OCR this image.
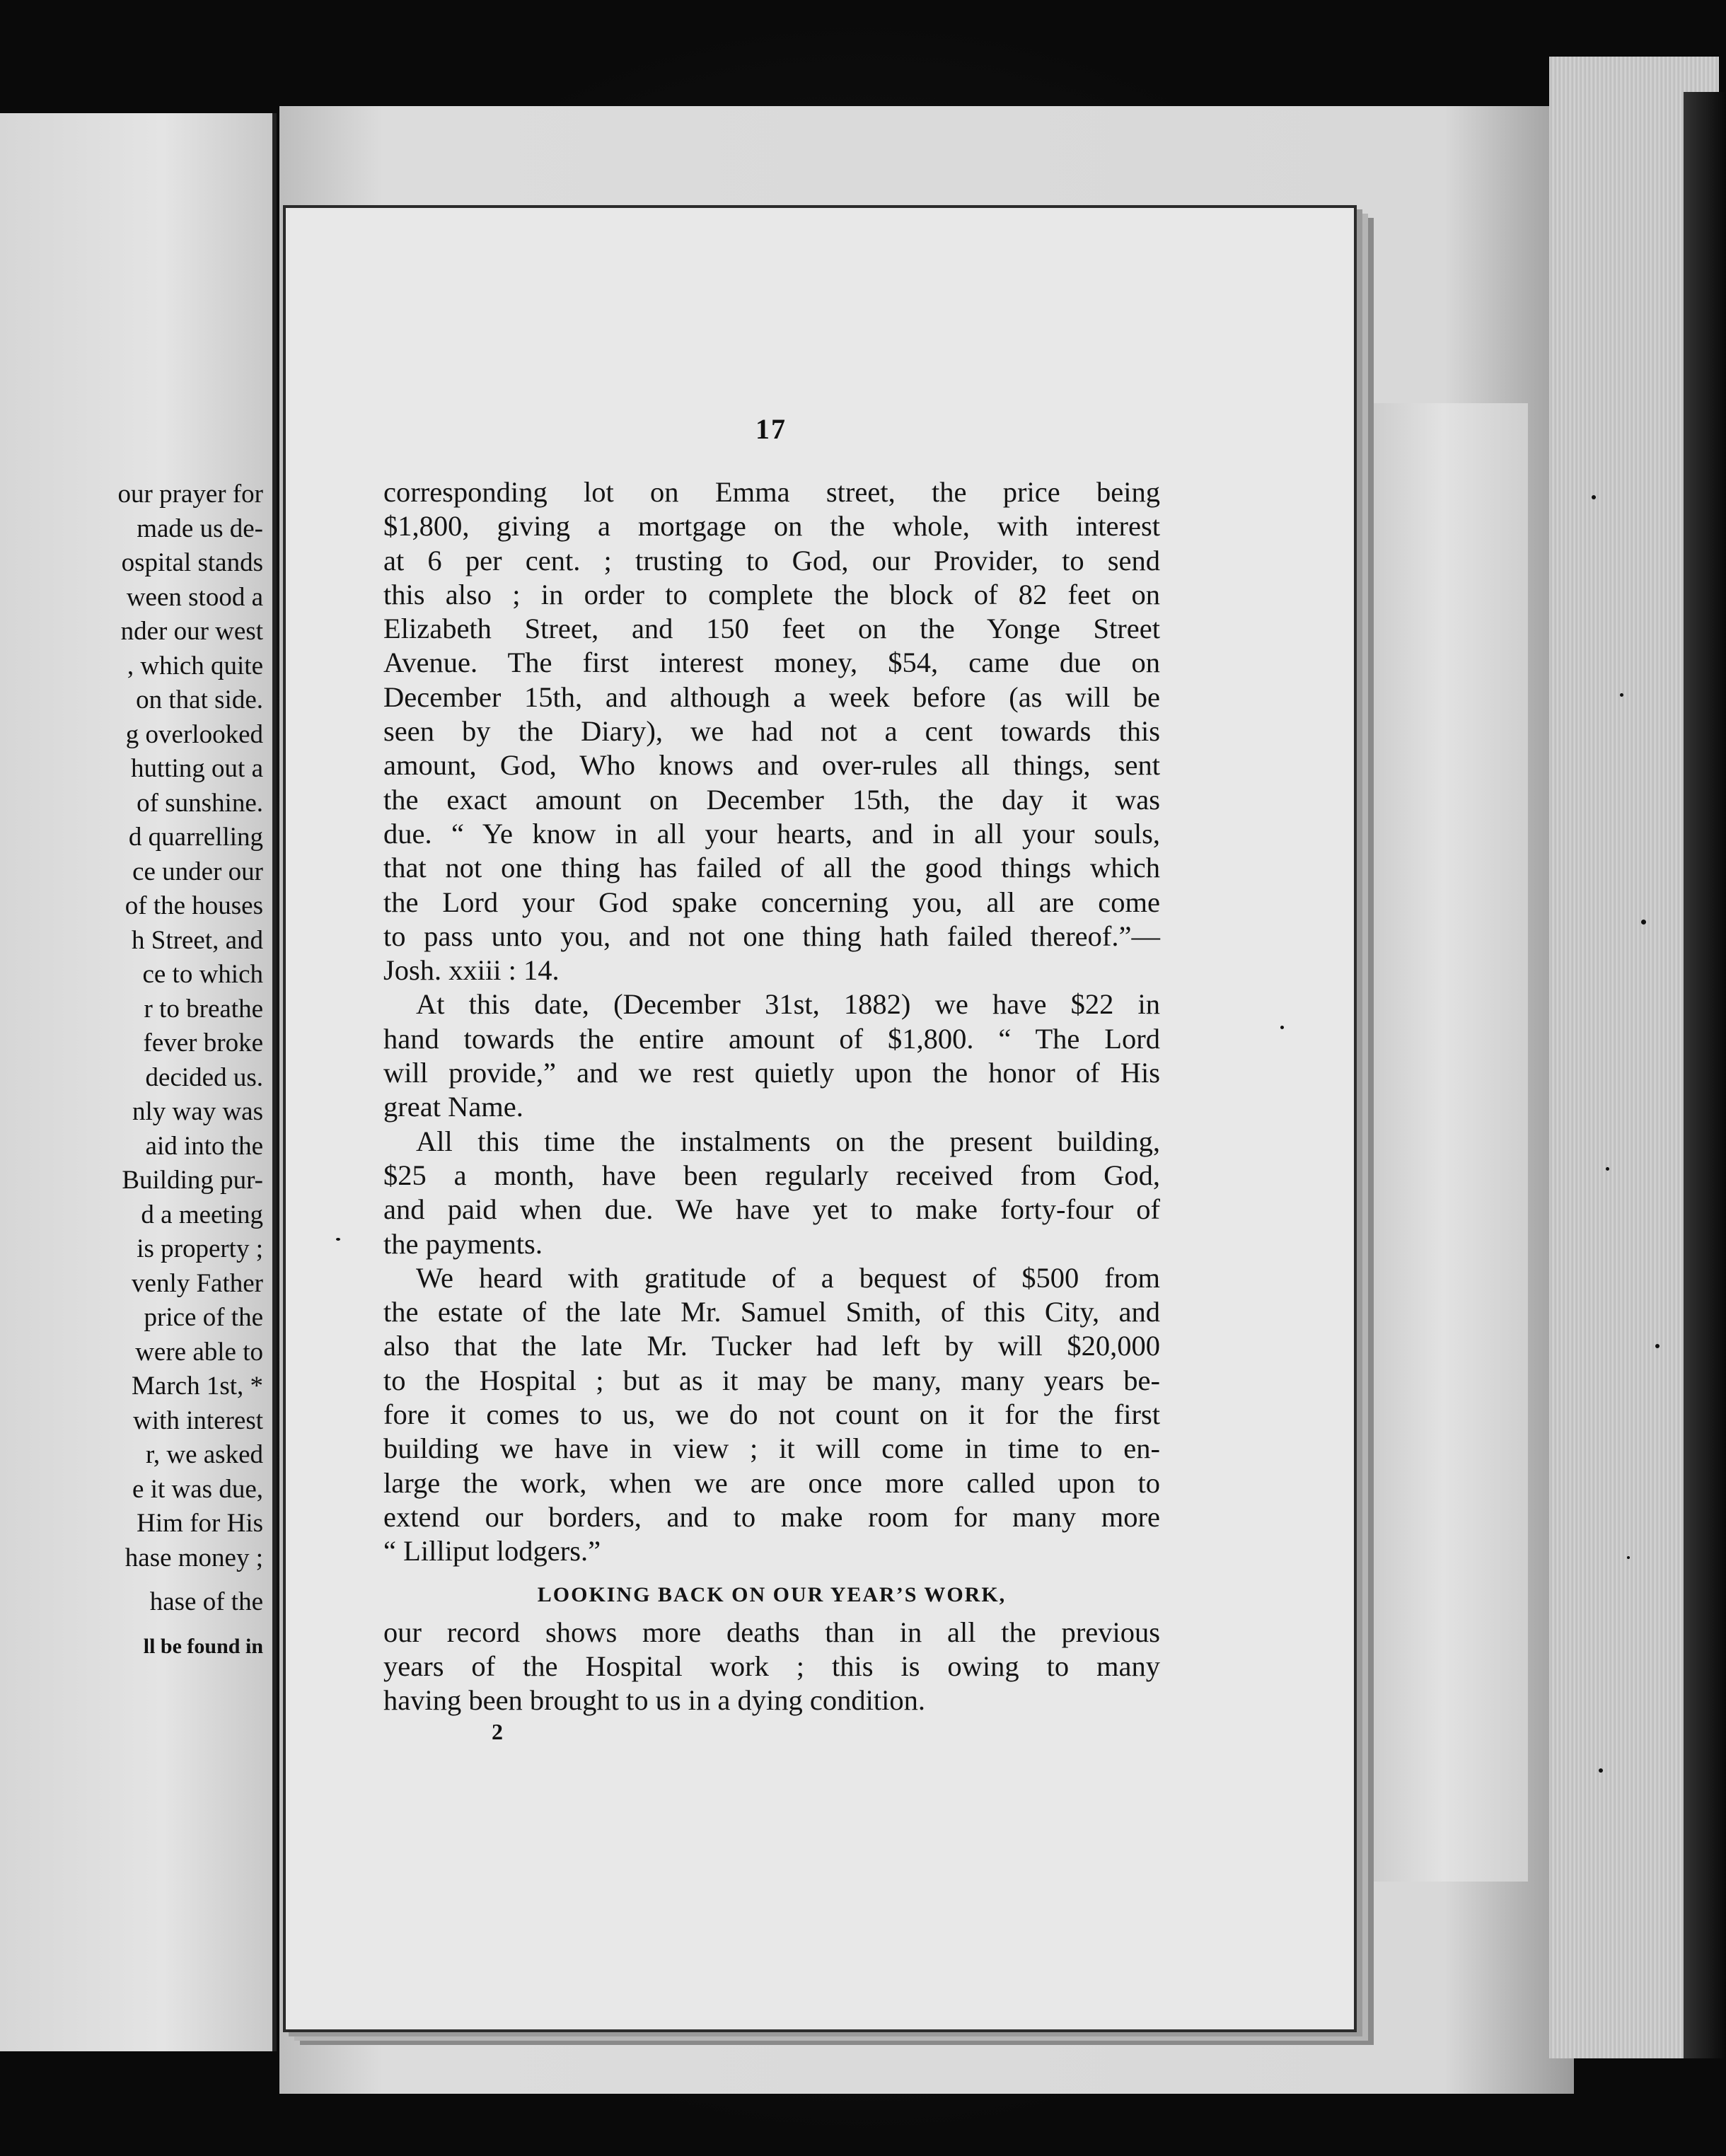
our prayer for
made us de-
ospital stands
ween stood a
nder our west
, which quite
on that side.
g overlooked
hutting out a
of sunshine.
d quarrelling
ce under our
of the houses
h Street, and
ce to which
r to breathe
fever broke
decided us.
nly way was
aid into the
Building pur-
d a meeting
is property ;
venly Father
price of the
were able to
March 1st, *
with interest
r, we asked
e it was due,
Him for His
hase money ;
hase of the
ll be found in
17
corresponding lot on Emma street, the price being
$1,800, giving a mortgage on the whole, with interest
at 6 per cent. ; trusting to God, our Provider, to send
this also ; in order to complete the block of 82 feet on
Elizabeth Street, and 150 feet on the Yonge Street
Avenue. The first interest money, $54, came due on
December 15th, and although a week before (as will be
seen by the Diary), we had not a cent towards this
amount, God, Who knows and over-rules all things, sent
the exact amount on December 15th, the day it was
due. “ Ye know in all your hearts, and in all your souls,
that not one thing has failed of all the good things which
the Lord your God spake concerning you, all are come
to pass unto you, and not one thing hath failed thereof.”—
Josh. xxiii : 14.
At this date, (December 31st, 1882) we have $22 in
hand towards the entire amount of $1,800. “ The Lord
will provide,” and we rest quietly upon the honor of His
great Name.
All this time the instalments on the present building,
$25 a month, have been regularly received from God,
and paid when due. We have yet to make forty-four of
the payments.
We heard with gratitude of a bequest of $500 from
the estate of the late Mr. Samuel Smith, of this City, and
also that the late Mr. Tucker had left by will $20,000
to the Hospital ; but as it may be many, many years be-
fore it comes to us, we do not count on it for the first
building we have in view ; it will come in time to en-
large the work, when we are once more called upon to
extend our borders, and to make room for many more
“ Lilliput lodgers.”
LOOKING BACK ON OUR YEAR’S WORK,
our record shows more deaths than in all the previous
years of the Hospital work ; this is owing to many
having been brought to us in a dying condition.
2
